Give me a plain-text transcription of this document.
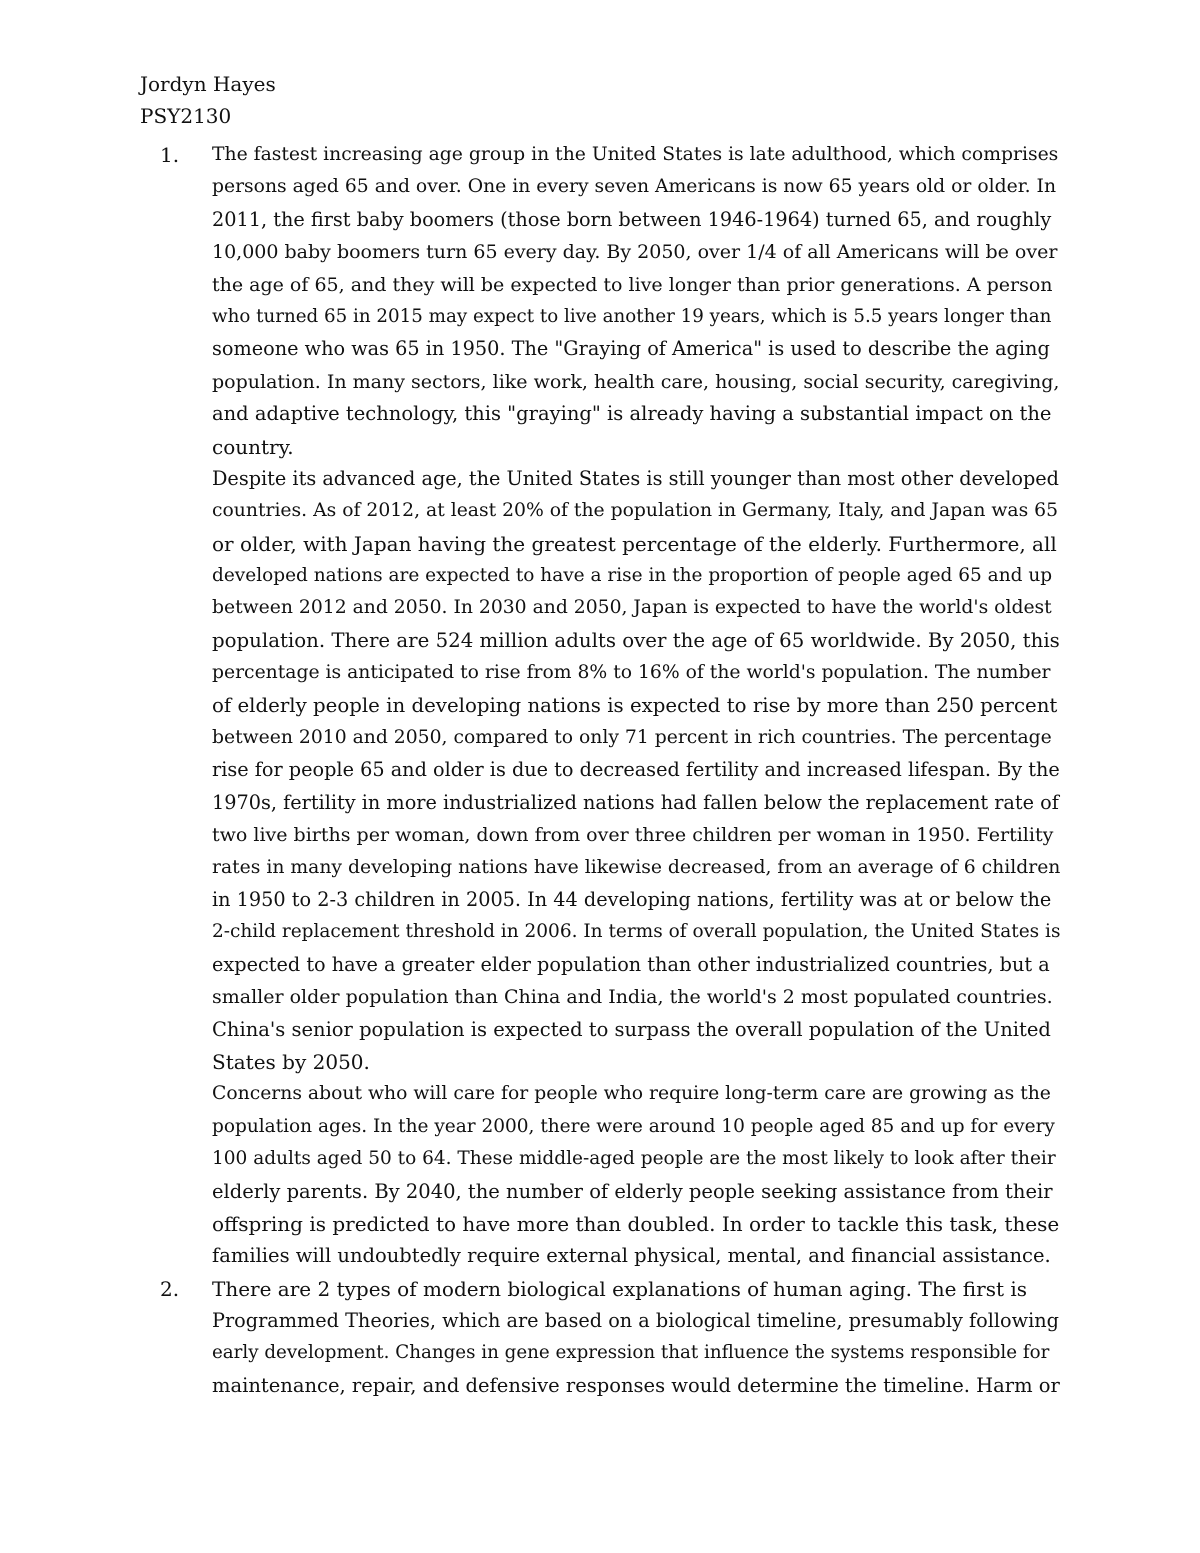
Jordyn Hayes
PSY2130
1. The fastest increasing age group in the United States is late adulthood, which comprises
persons aged 65 and over. One in every seven Americans is now 65 years old or older. In
2011, the first baby boomers (those born between 1946-1964) turned 65, and roughly
10,000 baby boomers turn 65 every day. By 2050, over 1/4 of all Americans will be over
the age of 65, and they will be expected to live longer than prior generations. A person
who turned 65 in 2015 may expect to live another 19 years, which is 5.5 years longer than
someone who was 65 in 1950. The "Graying of America" is used to describe the aging
population. In many sectors, like work, health care, housing, social security, caregiving,
and adaptive technology, this "graying" is already having a substantial impact on the
country.
Despite its advanced age, the United States is still younger than most other developed
countries. As of 2012, at least 20% of the population in Germany, Italy, and Japan was 65
or older, with Japan having the greatest percentage of the elderly. Furthermore, all
developed nations are expected to have a rise in the proportion of people aged 65 and up
between 2012 and 2050. In 2030 and 2050, Japan is expected to have the world's oldest
population. There are 524 million adults over the age of 65 worldwide. By 2050, this
percentage is anticipated to rise from 8% to 16% of the world's population. The number
of elderly people in developing nations is expected to rise by more than 250 percent
between 2010 and 2050, compared to only 71 percent in rich countries. The percentage
rise for people 65 and older is due to decreased fertility and increased lifespan. By the
1970s, fertility in more industrialized nations had fallen below the replacement rate of
two live births per woman, down from over three children per woman in 1950. Fertility
rates in many developing nations have likewise decreased, from an average of 6 children
in 1950 to 2-3 children in 2005. In 44 developing nations, fertility was at or below the
2-child replacement threshold in 2006. In terms of overall population, the United States is
expected to have a greater elder population than other industrialized countries, but a
smaller older population than China and India, the world's 2 most populated countries.
China's senior population is expected to surpass the overall population of the United
States by 2050.
Concerns about who will care for people who require long-term care are growing as the
population ages. In the year 2000, there were around 10 people aged 85 and up for every
100 adults aged 50 to 64. These middle-aged people are the most likely to look after their
elderly parents. By 2040, the number of elderly people seeking assistance from their
offspring is predicted to have more than doubled. In order to tackle this task, these
families will undoubtedly require external physical, mental, and financial assistance.
2. There are 2 types of modern biological explanations of human aging. The first is
Programmed Theories, which are based on a biological timeline, presumably following
early development. Changes in gene expression that influence the systems responsible for
maintenance, repair, and defensive responses would determine the timeline. Harm or
